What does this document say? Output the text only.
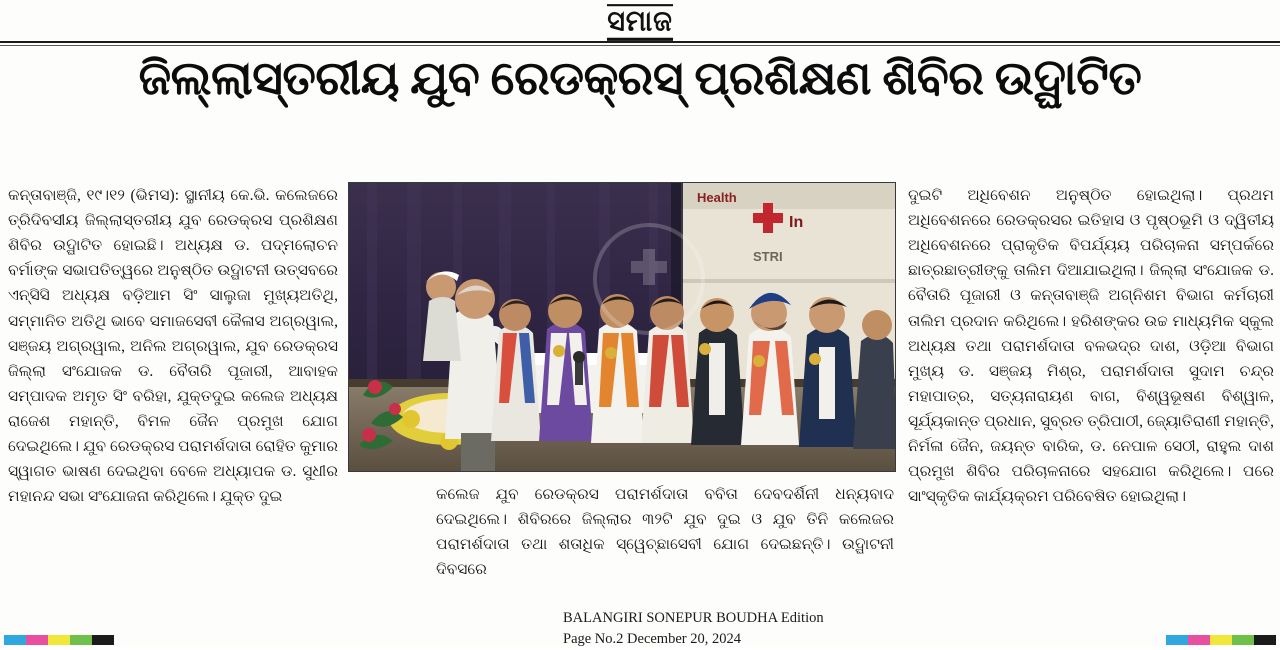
ସମାଜ
ଜିଲ୍ଲାସ୍ତରୀୟ ଯୁବ ରେଡକ୍ରସ୍ ପ୍ରଶିକ୍ଷଣ ଶିବିର ଉଦ୍ଘାଟିତ

କନ୍ତାବାଞ୍ଜି, ୧୯।୧୨ (ଭିମସ): ସ୍ଥାନୀୟ କେ.ଭି. କଲେଜରେ ତ୍ରିଦିବସୀୟ ଜିଲ୍ଲାସ୍ତରୀୟ ଯୁବ ରେଡକ୍ରସ ପ୍ରଶିକ୍ଷଣ ଶିବିର ଉଦ୍ଘାଟିତ ହୋଇଛି। ଅଧ୍ୟକ୍ଷ ଡ. ପଦ୍ମଲୋଚନ ବର୍ମାଙ୍କ ସଭାପତିତ୍ୱରେ ଅନୁଷ୍ଠିତ ଉଦ୍ଘାଟନୀ ଉତ୍ସବରେ ଏନ୍‌ସିସି ଅଧ୍ୟକ୍ଷ ବଡ଼ିଆମ ସିଂ ସାଲୁଜା ମୁଖ୍ୟଅତିଥି, ସମ୍ମାନିତ ଅତିଥି ଭାବେ ସମାଜସେବୀ କୈଳାସ ଅଗ୍ରୱାଲ, ସଞ୍ଜୟ ଅଗ୍ରୱାଲ, ଅନିଲ ଅଗ୍ରୱାଲ, ଯୁବ ରେଡକ୍ରସ ଜିଲ୍ଲା ସଂଯୋଜକ ଡ. ବୈତାରି ପୂଜାରୀ, ଆବାହକ ସମ୍ପାଦକ ଅମୃତ ସିଂ ବରିହା, ଯୁକ୍ତଦୁଇ କଲେଜ ଅଧ୍ୟକ୍ଷ ରାଜେଶ ମହାନ୍ତି, ବିମଳ ଜୈନ ପ୍ରମୁଖ ଯୋଗ ଦେଇଥିଲେ। ଯୁବ ରେଡକ୍ରସ ପରାମର୍ଶଦାତା ରୋହିତ କୁମାର ସ୍ୱାଗତ ଭାଷଣ ଦେଇଥିବା ବେଳେ ଅଧ୍ୟାପକ ଡ. ସୁଧୀର ମହାନନ୍ଦ ସଭା ସଂଯୋଜନା କରିଥିଲେ। ଯୁକ୍ତ ଦୁଇ

ଦୁଇଟି ଅଧିବେଶନ ଅନୁଷ୍ଠିତ ହୋଇଥିଲା। ପ୍ରଥମ ଅଧିବେଶନରେ ରେଡକ୍ରସର ଇତିହାସ ଓ ପୃଷ୍ଠଭୂମି ଓ ଦ୍ୱିତୀୟ ଅଧିବେଶନରେ ପ୍ରାକୃତିକ ବିପର୍ଯ୍ୟୟ ପରିଚାଳନା ସମ୍ପର୍କରେ ଛାତ୍ରଛାତ୍ରୀଙ୍କୁ ତାଲିମ ଦିଆଯାଇଥିଲା। ଜିଲ୍ଲା ସଂଯୋଜକ ଡ. ବୈତାରି ପୂଜାରୀ ଓ କନ୍ତାବାଞ୍ଜି ଅଗ୍ନିଶମ ବିଭାଗ କର୍ମଚାରୀ ତାଲିମ ପ୍ରଦାନ କରିଥିଲେ। ହରିଶଙ୍କର ଉଚ୍ଚ ମାଧ୍ୟମିକ ସ୍କୁଲ ଅଧ୍ୟକ୍ଷ ତଥା ପରାମର୍ଶଦାତା ବଳଭଦ୍ର ଦାଶ, ଓଡ଼ିଆ ବିଭାଗ ମୁଖ୍ୟ ଡ. ସଞ୍ଜୟ ମିଶ୍ର, ପରାମର୍ଶଦାତା ସୁଦାମ ଚନ୍ଦ୍ର ମହାପାତ୍ର, ସତ୍ୟନାରାୟଣ ବାଗ, ବିଶ୍ୱଭୂଷଣ ବିଶ୍ୱାଳ, ସୂର୍ଯ୍ୟକାନ୍ତ ପ୍ରଧାନ, ସୁବ୍ରତ ତ୍ରିପାଠୀ, ଜ୍ୟୋତିରାଣୀ ମହାନ୍ତି, ନିର୍ମଳା ଜୈନ, ଜୟନ୍ତ ବାରିକ, ଡ. ନେପାଳ ସେଠୀ, ରାହୁଲ ଦାଶ ପ୍ରମୁଖ ଶିବିର ପରିଚାଳନାରେ ସହଯୋଗ କରିଥିଲେ। ପରେ ସାଂସ୍କୃତିକ କାର୍ଯ୍ୟକ୍ରମ ପରିବେଷିତ ହୋଇଥିଲା।

Health
In
STRI

କଲେଜ ଯୁବ ରେଡକ୍ରସ ପରାମର୍ଶଦାତା ବବିତା ଦେବଦର୍ଶିନୀ ଧନ୍ୟବାଦ ଦେଇଥିଲେ। ଶିବିରରେ ଜିଲ୍ଲାର ୩୨ଟି ଯୁବ ଦୁଇ ଓ ଯୁବ ତିନି କଲେଜର ପରାମର୍ଶଦାତା ତଥା ଶତାଧିକ ସ୍ୱେଚ୍ଛାସେବୀ ଯୋଗ ଦେଇଛନ୍ତି। ଉଦ୍ଘାଟନୀ ଦିବସରେ

BALANGIRI SONEPUR BOUDHA Edition
Page No.2 December 20, 2024
